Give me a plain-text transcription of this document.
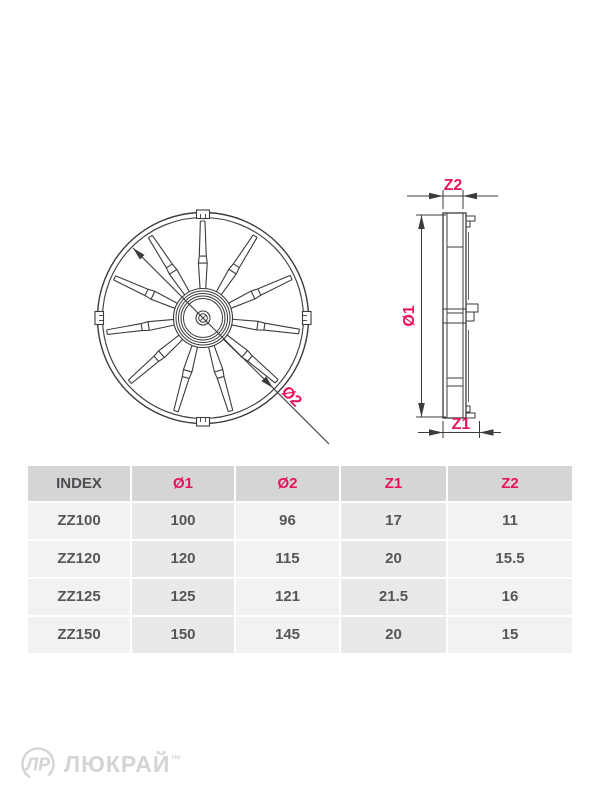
Ø2
Ø1
Z2
Z1
INDEX	Ø1	Ø2	Z1	Z2
ZZ100	100	96	17	11
ZZ120	120	115	20	15.5
ZZ125	125	121	21.5	16
ZZ150	150	145	20	15
ЛР ЛЮКРАЙ™
